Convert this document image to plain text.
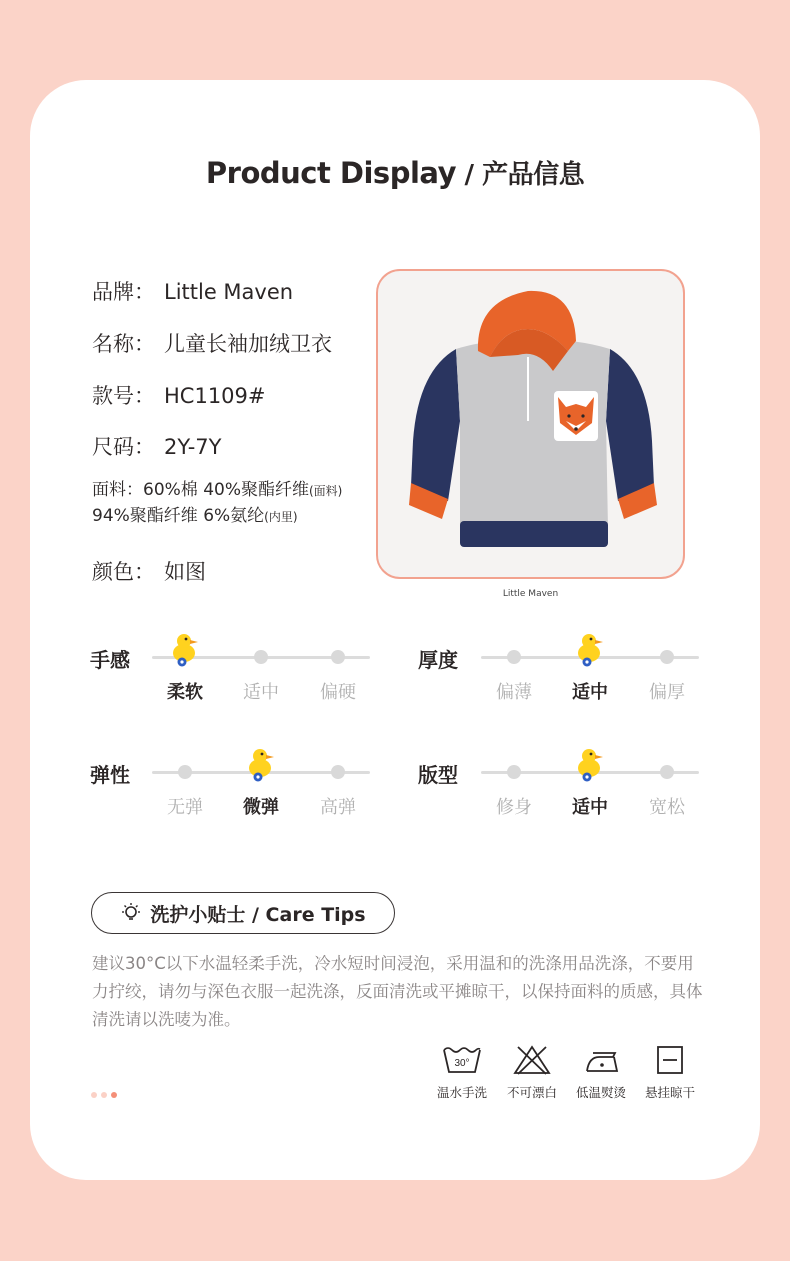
Product Display / 产品信息
品牌： Little Maven
名称： 儿童长袖加绒卫衣
款号： HC1109#
尺码： 2Y-7Y
面料：60%棉 40%聚酯纤维(面料)
94%聚酯纤维 6%氨纶(内里)
颜色： 如图
Little Maven
手感
柔软	适中	偏硬
厚度
偏薄	适中	偏厚
弹性
无弹	微弹	高弹
版型
修身	适中	宽松
洗护小贴士 / Care Tips
建议30°C以下水温轻柔手洗，冷水短时间浸泡，采用温和的洗涤用品洗涤，不要用力拧绞，请勿与深色衣服一起洗涤，反面清洗或平摊晾干，以保持面料的质感，具体清洗请以洗唛为准。
30°
温水手洗	不可漂白	低温熨烫	悬挂晾干
